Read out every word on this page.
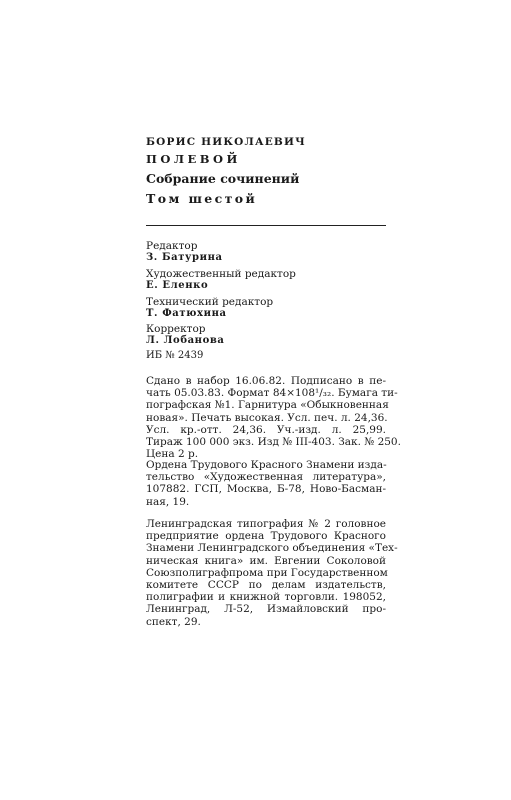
БОРИС НИКОЛАЕВИЧ
ПОЛЕВОЙ
Собрание сочинений
Том шестой
Редактор
З. Батурина
Художественный редактор
Е. Еленко
Технический редактор
Т. Фатюхина
Корректор
Л. Лобанова
ИБ № 2439
Сдано в набор 16.06.82. Подписано в пе-
чать 05.03.83. Формат 84×108¹/₃₂. Бумага ти-
пографская №1. Гарнитура «Обыкновенная
новая». Печать высокая. Усл. печ. л. 24,36.
Усл. кр.-отт. 24,36. Уч.-изд. л. 25,99.
Тираж 100 000 экз. Изд № III-403. Зак. № 250.
Цена 2 р.
Ордена Трудового Красного Знамени изда-
тельство «Художественная литература»,
107882. ГСП, Москва, Б-78, Ново-Басман-
ная, 19.
Ленинградская типография № 2 головное
предприятие ордена Трудового Красного
Знамени Ленинградского объединения «Тех-
ническая книга» им. Евгении Соколовой
Союзполиграфпрома при Государственном
комитете СССР по делам издательств,
полиграфии и книжной торговли. 198052,
Ленинград, Л-52, Измайловский про-
спект, 29.
